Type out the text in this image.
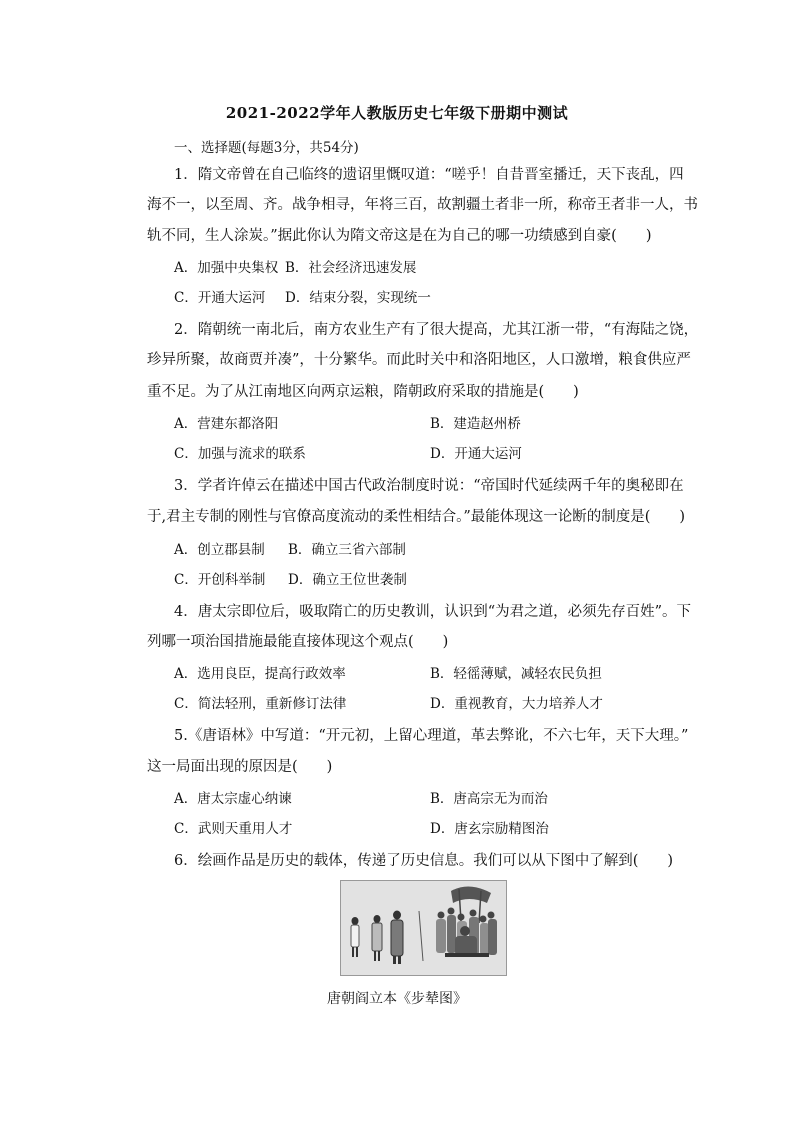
2021-2022学年人教版历史七年级下册期中测试
一、选择题(每题3分，共54分)
1．隋文帝曾在自己临终的遗诏里慨叹道：“嗟乎！自昔晋室播迁，天下丧乱，四
海不一，以至周、齐。战争相寻，年将三百，故割疆土者非一所，称帝王者非一人，书
轨不同，生人涂炭。”据此你认为隋文帝这是在为自己的哪一功绩感到自豪(　　)
A．加强中央集权 B．社会经济迅速发展
C．开通大运河 D．结束分裂，实现统一
2．隋朝统一南北后，南方农业生产有了很大提高，尤其江浙一带，“有海陆之饶，
珍异所聚，故商贾并凑”，十分繁华。而此时关中和洛阳地区，人口激增，粮食供应严
重不足。为了从江南地区向两京运粮，隋朝政府采取的措施是(　　)
A．营建东都洛阳	B．建造赵州桥
C．加强与流求的联系	D．开通大运河
3．学者许倬云在描述中国古代政治制度时说：“帝国时代延续两千年的奥秘即在
于,君主专制的刚性与官僚高度流动的柔性相结合。”最能体现这一论断的制度是(　　)
A．创立郡县制 B．确立三省六部制
C．开创科举制 D．确立王位世袭制
4．唐太宗即位后，吸取隋亡的历史教训，认识到“为君之道，必须先存百姓”。下
列哪一项治国措施最能直接体现这个观点(　　)
A．选用良臣，提高行政效率	B．轻徭薄赋，减轻农民负担
C．简法轻刑，重新修订法律	D．重视教育，大力培养人才
5.《唐语林》中写道：“开元初，上留心理道，革去弊讹，不六七年，天下大理。”
这一局面出现的原因是(　　)
A．唐太宗虚心纳谏	B．唐高宗无为而治
C．武则天重用人才	D．唐玄宗励精图治
6．绘画作品是历史的载体，传递了历史信息。我们可以从下图中了解到(　　)
唐朝阎立本《步辇图》
